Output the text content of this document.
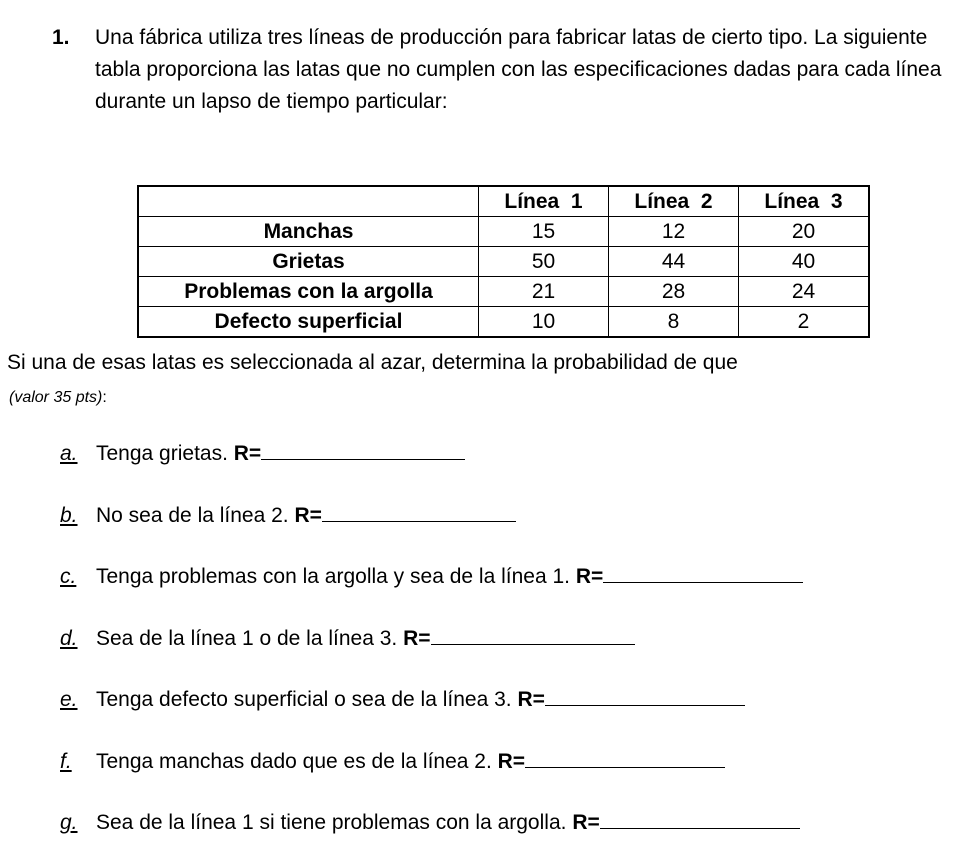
1. Una fábrica utiliza tres líneas de producción para fabricar latas de cierto tipo. La siguiente tabla proporciona las latas que no cumplen con las especificaciones dadas para cada línea durante un lapso de tiempo particular:
	Línea  1	Línea  2	Línea  3
Manchas	15	12	20
Grietas	50	44	40
Problemas con la argolla	21	28	24
Defecto superficial	10	8	2
Si una de esas latas es seleccionada al azar, determina la probabilidad de que
(valor 35 pts):
a. Tenga grietas. R=
b. No sea de la línea 2. R=
c. Tenga problemas con la argolla y sea de la línea 1. R=
d. Sea de la línea 1 o de la línea 3. R=
e. Tenga defecto superficial o sea de la línea 3. R=
f. Tenga manchas dado que es de la línea 2. R=
g. Sea de la línea 1 si tiene problemas con la argolla. R=
